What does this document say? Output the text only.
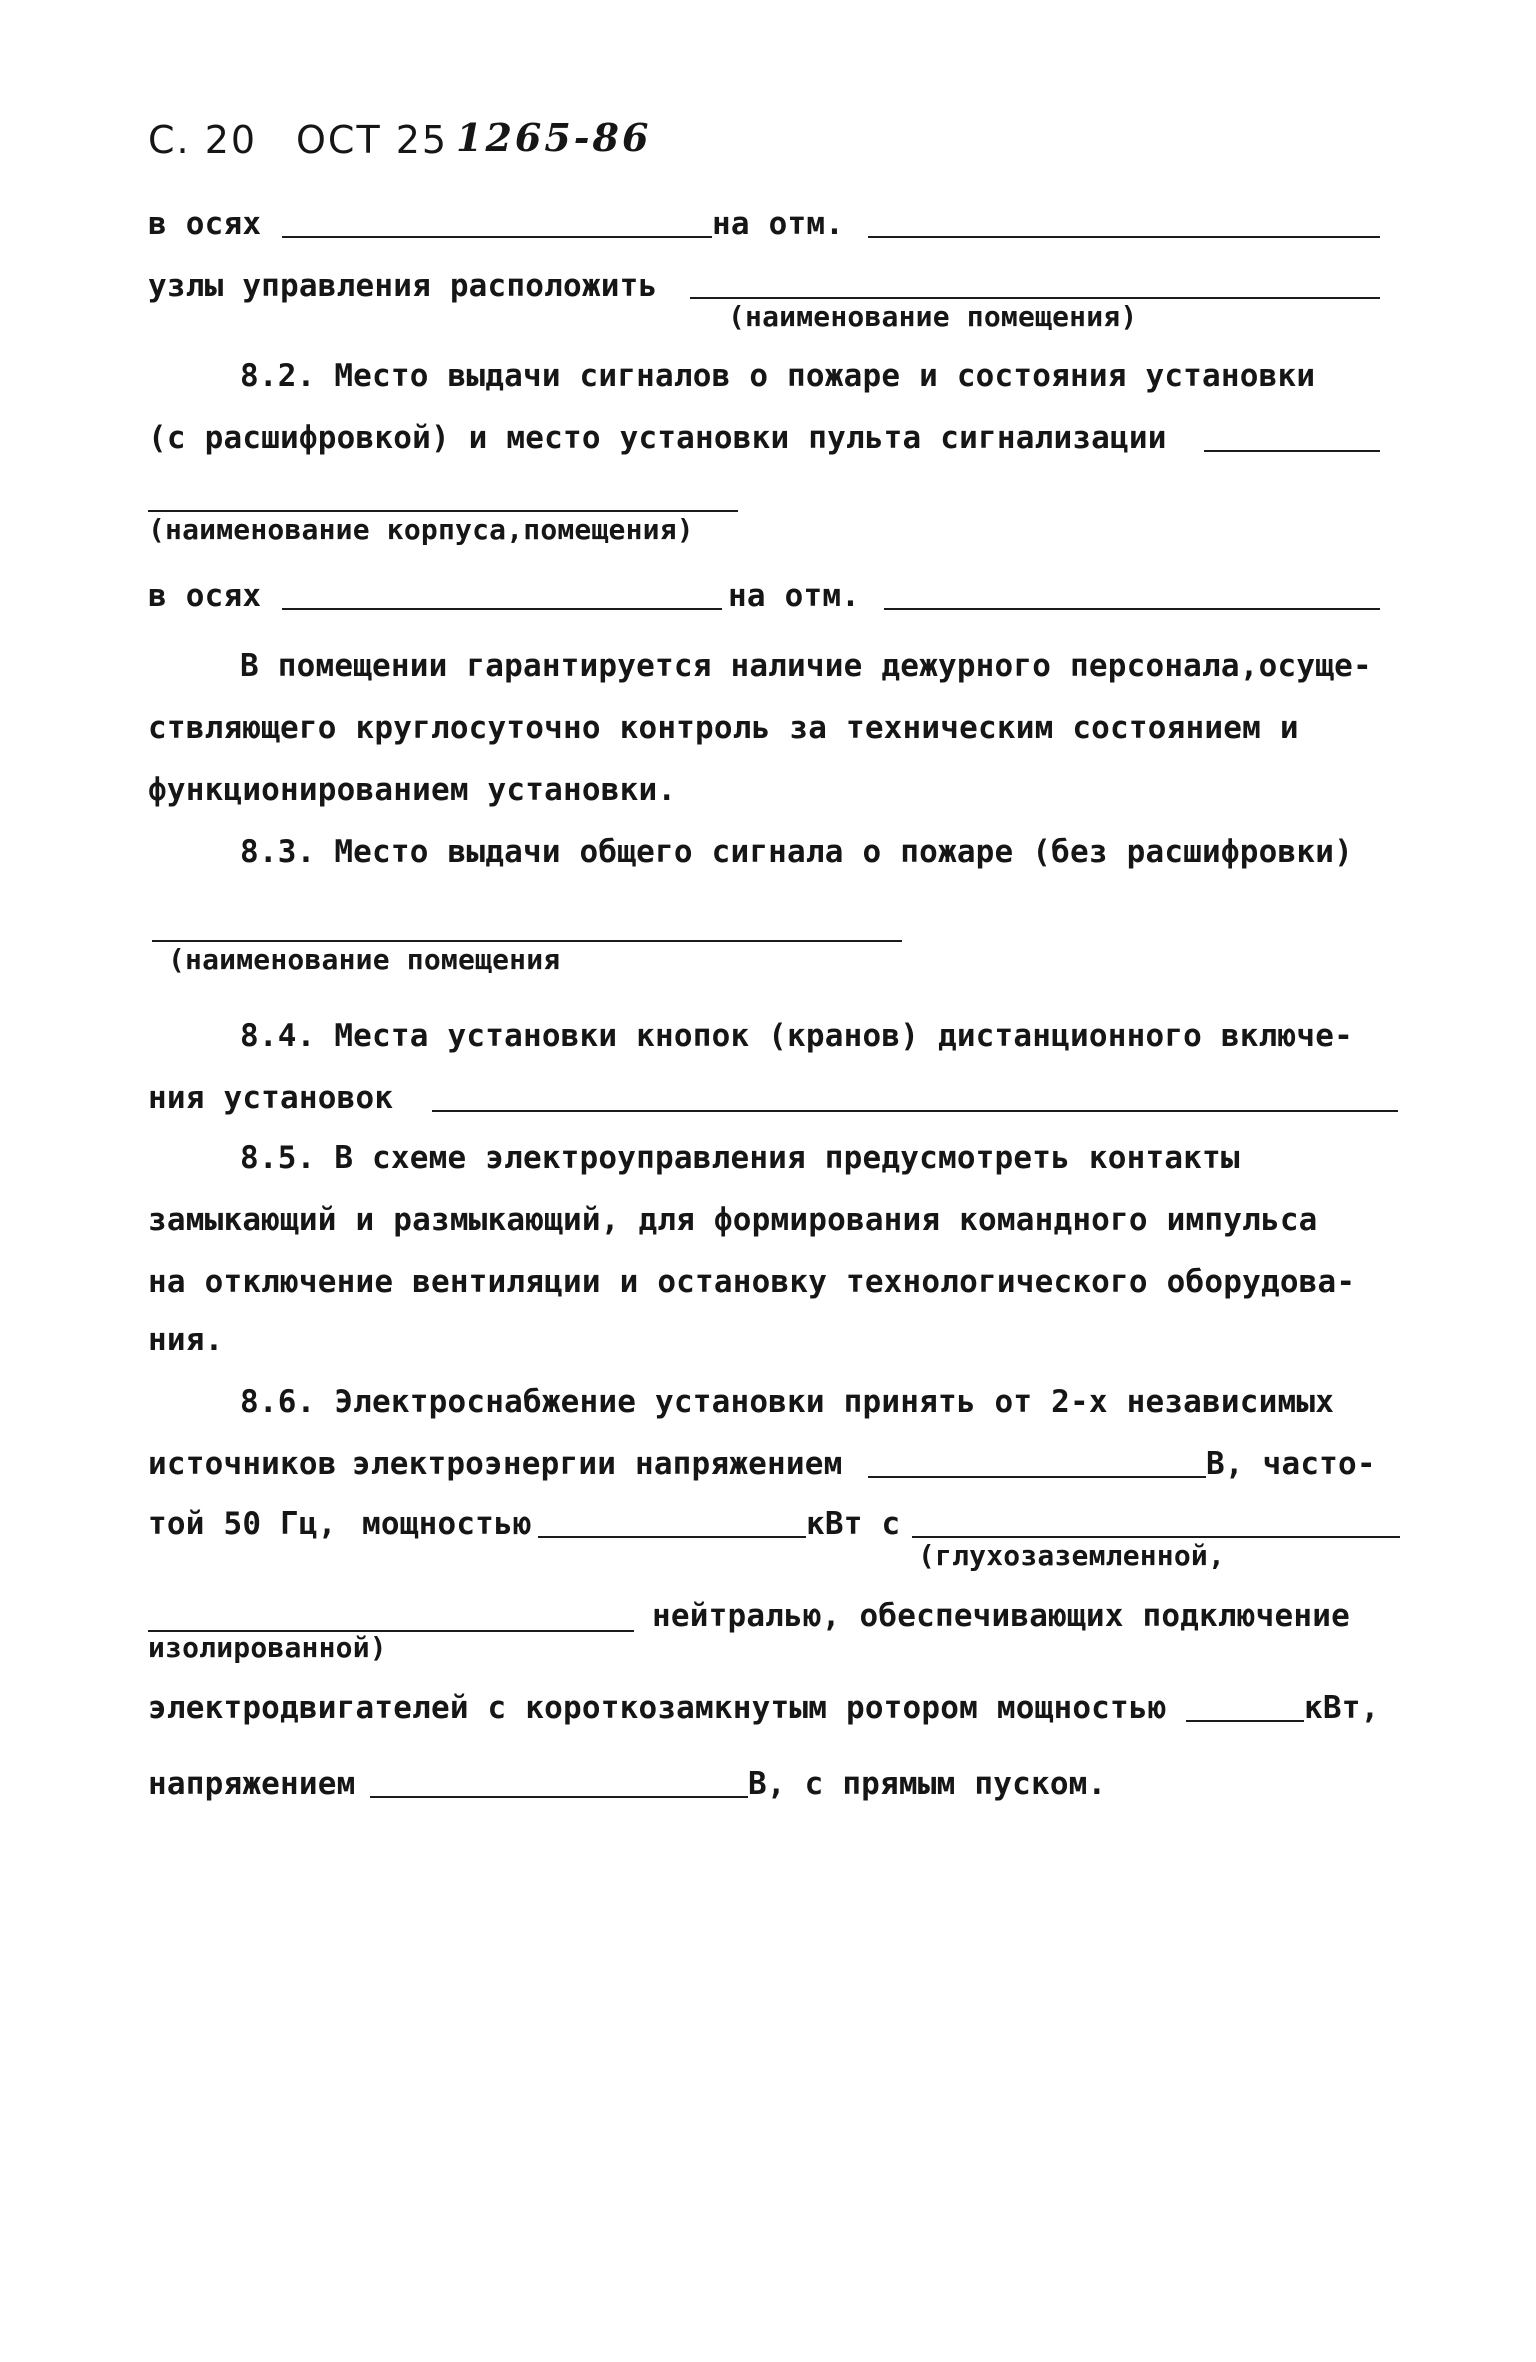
С. 20 ОСТ 25 1265-86
в осях	на отм.
узлы управления расположить
(наименование помещения)
8.2. Место выдачи сигналов о пожаре и состояния установки
(с расшифровкой) и место установки пульта сигнализации
(наименование корпуса,помещения)
в осях	на отм.
В помещении гарантируется наличие дежурного персонала,осуще-
ствляющего круглосуточно контроль за техническим состоянием и
функционированием установки.
8.3. Место выдачи общего сигнала о пожаре (без расшифровки)
(наименование помещения
8.4. Места установки кнопок (кранов) дистанционного включе-
ния установок
8.5. В схеме электроуправления предусмотреть контакты
замыкающий и размыкающий, для формирования командного импульса
на отключение вентиляции и остановку технологического оборудова-
ния.
8.6. Электроснабжение установки принять от 2-х независимых
источников электроэнергии напряжением	В, часто-
той 50 Гц, мощностью	кВт с
(глухозаземленной,
нейтралью, обеспечивающих подключение
изолированной)
электродвигателей с короткозамкнутым ротором мощностью	кВт,
напряжением	В, с прямым пуском.
